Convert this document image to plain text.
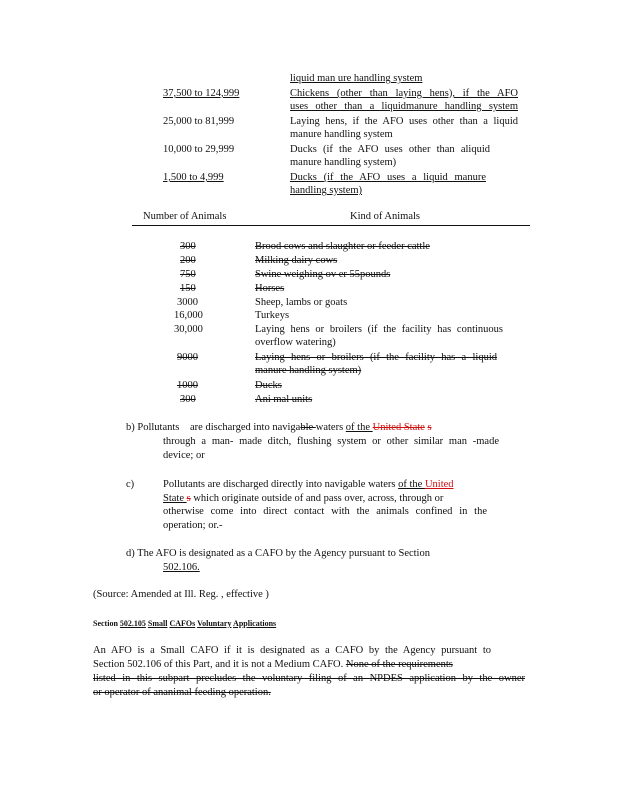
liquid man ure handling system
37,500 to 124,999	Chickens (other than laying hens), if the AFO
uses other than a liquidmanure handling system
25,000 to 81,999	Laying hens, if the AFO uses other than a liquid
manure handling system
10,000 to 29,999	Ducks (if the AFO uses other than aliquid
manure handling system)
1,500 to 4,999	Ducks (if the AFO uses a liquid manure
handling system)
Number of Animals	Kind of Animals
300	Brood cows and slaughter or feeder cattle
200	Milking dairy cows
750	Swine weighing ov er 55pounds
150	Horses
3000	Sheep, lambs or goats
16,000	Turkeys
30,000	Laying hens or broilers (if the facility has continuous
overflow watering)
9000	Laying hens or broilers (if the facility has a liquid
manure handling system)
1000	Ducks
300	Ani mal units
b) Pollutants are discharged into navigable waters of the United State s
through a man- made ditch, flushing system or other similar man -made
device; or
c)	Pollutants are discharged directly into navigable waters of the United
State s which originate outside of and pass over, across, through or
otherwise come into direct contact with the animals confined in the
operation; or.-
d) The AFO is designated as a CAFO by the Agency pursuant to Section
502.106.
(Source: Amended at Ill. Reg. , effective )
Section 502.105 Small CAFOs Voluntary Applications
An AFO is a Small CAFO if it is designated as a CAFO by the Agency pursuant to
Section 502.106 of this Part, and it is not a Medium CAFO. None of the requirements
listed in this subpart precludes the voluntary filing of an NPDES application by the owner
or operator of ananimal feeding operation.
